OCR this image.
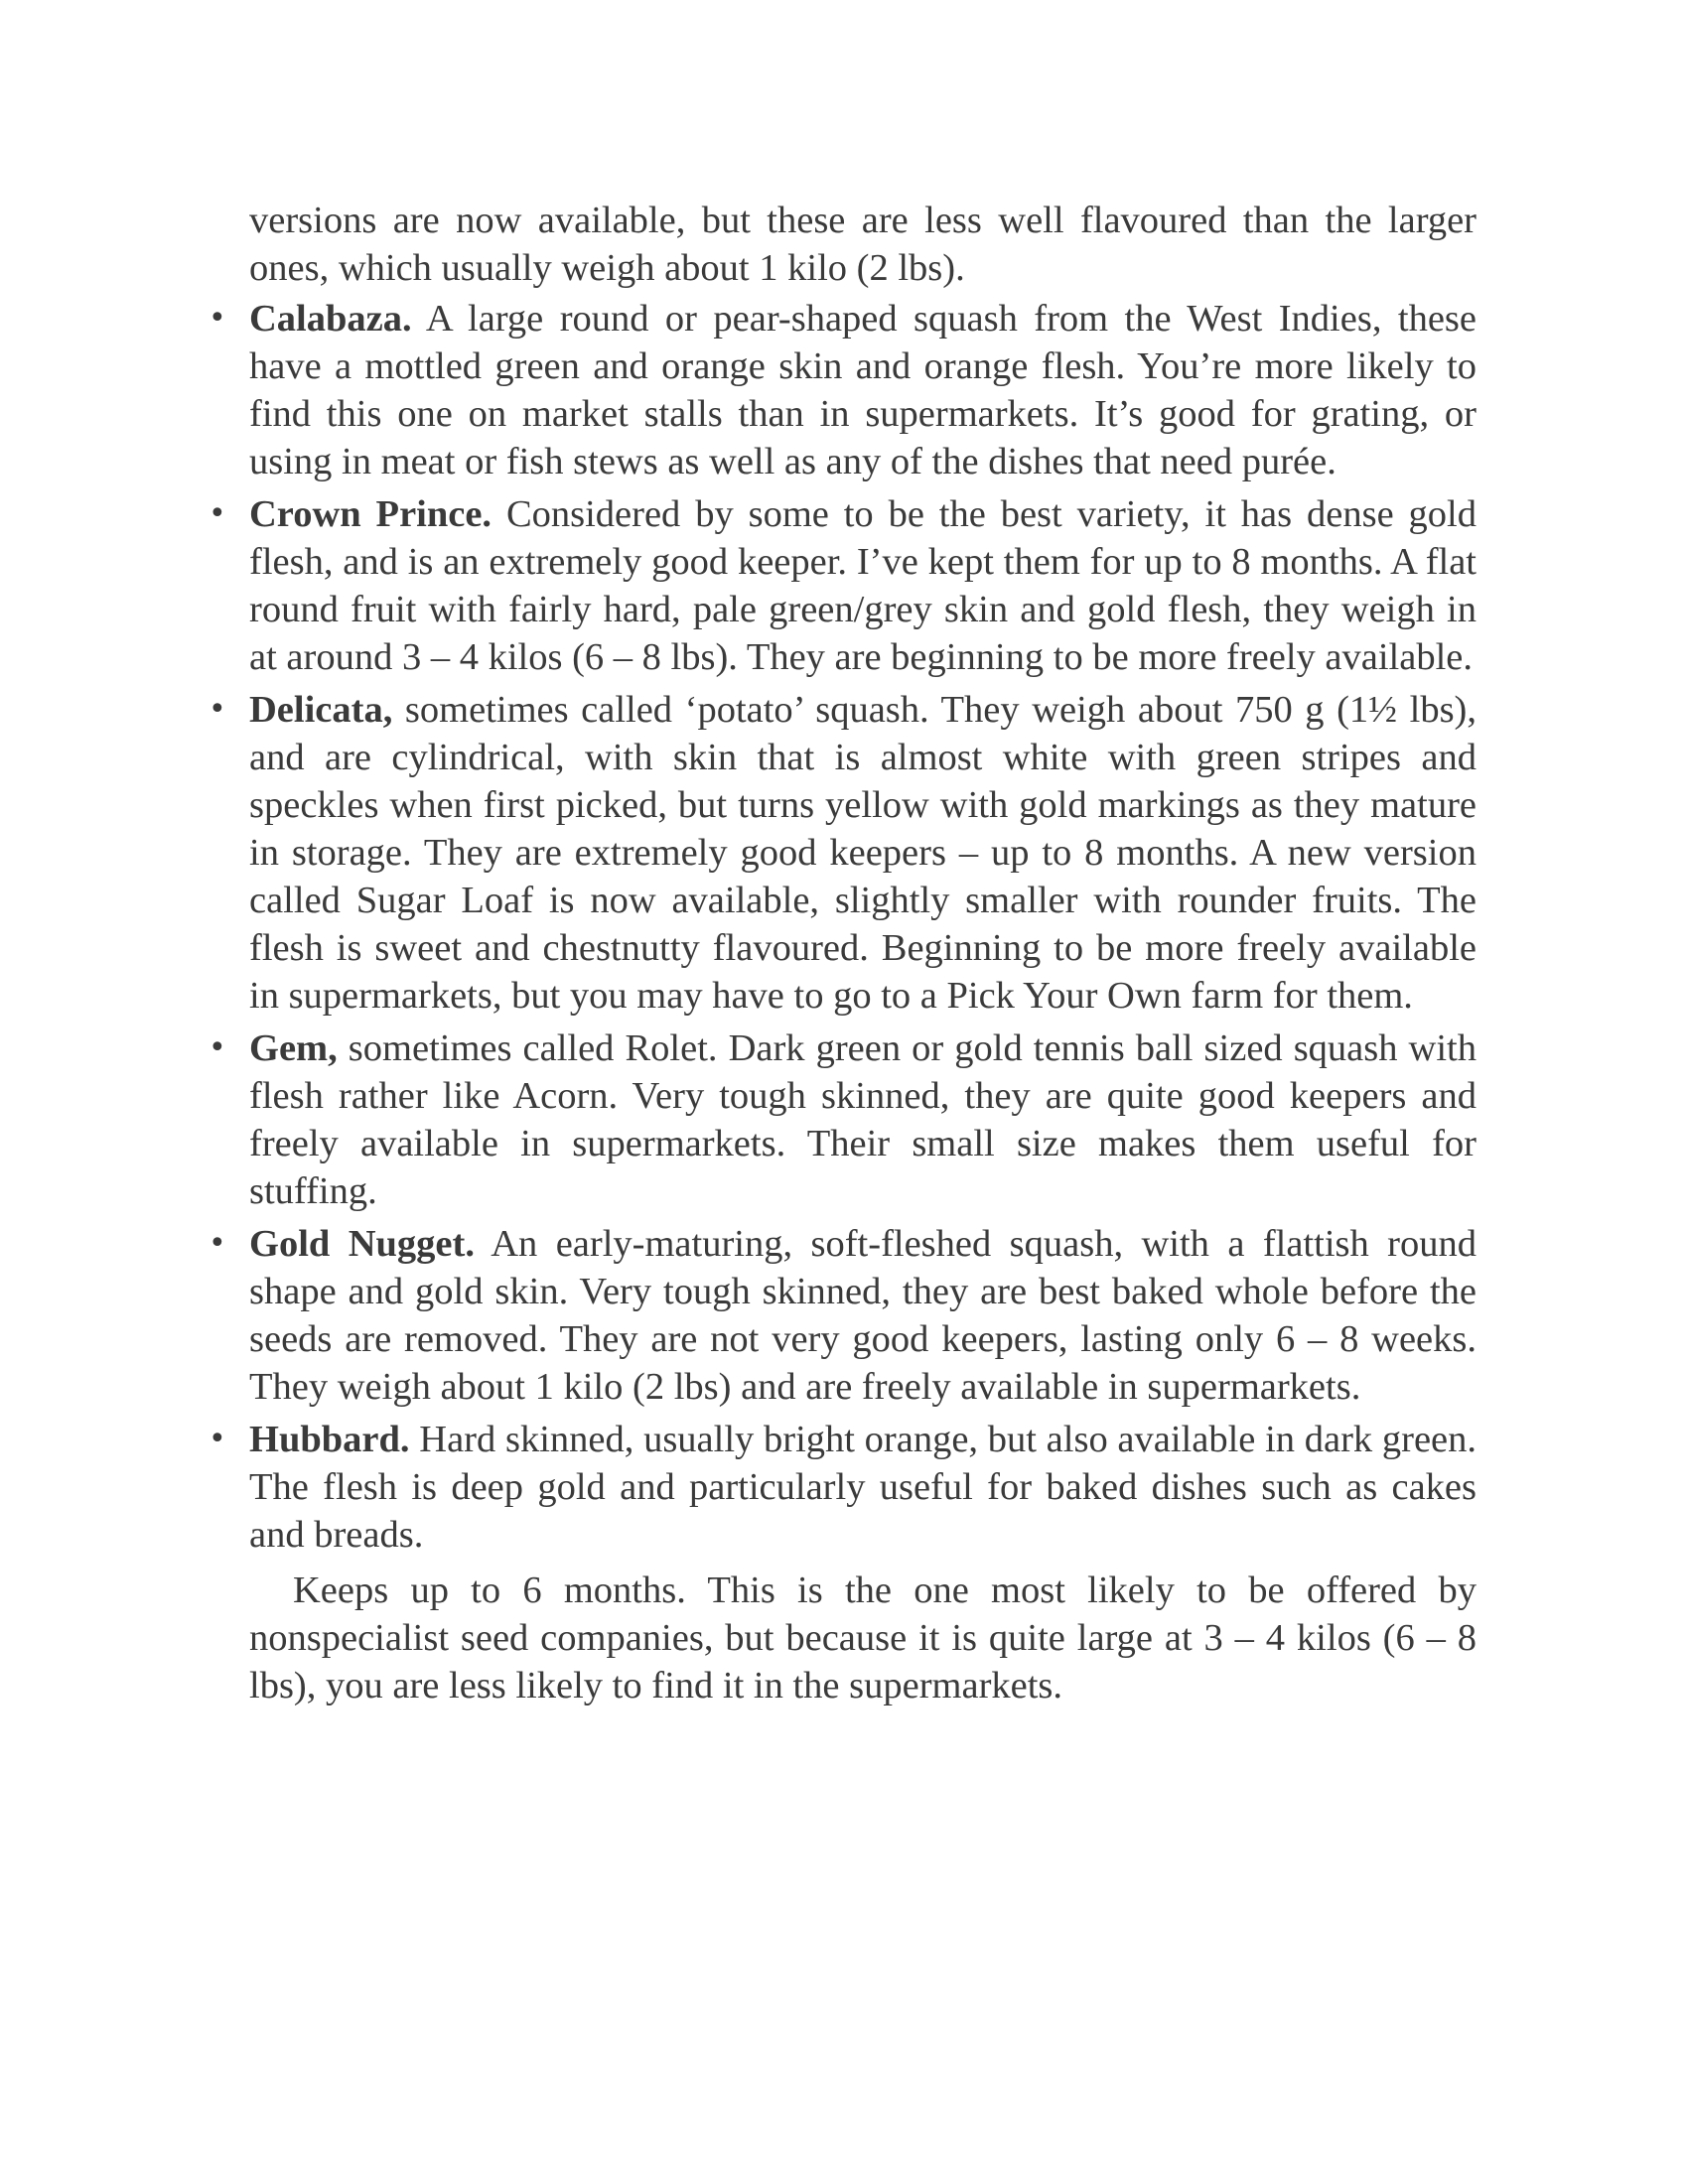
versions are now available, but these are less well flavoured than the larger ones, which usually weigh about 1 kilo (2 lbs).

• Calabaza. A large round or pear-shaped squash from the West Indies, these have a mottled green and orange skin and orange flesh. You’re more likely to find this one on market stalls than in supermarkets. It’s good for grating, or using in meat or fish stews as well as any of the dishes that need purée.
• Crown Prince. Considered by some to be the best variety, it has dense gold flesh, and is an extremely good keeper. I’ve kept them for up to 8 months. A flat round fruit with fairly hard, pale green/grey skin and gold flesh, they weigh in at around 3 – 4 kilos (6 – 8 lbs). They are beginning to be more freely available.
• Delicata, sometimes called ‘potato’ squash. They weigh about 750 g (1½ lbs), and are cylindrical, with skin that is almost white with green stripes and speckles when first picked, but turns yellow with gold markings as they mature in storage. They are extremely good keepers – up to 8 months. A new version called Sugar Loaf is now available, slightly smaller with rounder fruits. The flesh is sweet and chestnutty flavoured. Beginning to be more freely available in supermarkets, but you may have to go to a Pick Your Own farm for them.
• Gem, sometimes called Rolet. Dark green or gold tennis ball sized squash with flesh rather like Acorn. Very tough skinned, they are quite good keepers and freely available in supermarkets. Their small size makes them useful for stuffing.
• Gold Nugget. An early-maturing, soft-fleshed squash, with a flattish round shape and gold skin. Very tough skinned, they are best baked whole before the seeds are removed. They are not very good keepers, lasting only 6 – 8 weeks. They weigh about 1 kilo (2 lbs) and are freely available in supermarkets.
• Hubbard. Hard skinned, usually bright orange, but also available in dark green. The flesh is deep gold and particularly useful for baked dishes such as cakes and breads.

Keeps up to 6 months. This is the one most likely to be offered by nonspecialist seed companies, but because it is quite large at 3 – 4 kilos (6 – 8 lbs), you are less likely to find it in the supermarkets.
